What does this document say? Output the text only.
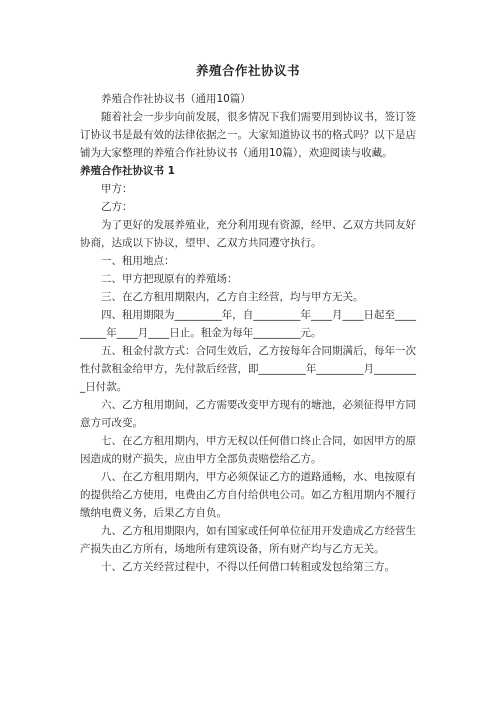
养殖合作社协议书

养殖合作社协议书（通用10篇）

随着社会一步步向前发展，很多情况下我们需要用到协议书，签订签订协议书是最有效的法律依据之一。大家知道协议书的格式吗？以下是店铺为大家整理的养殖合作社协议书（通用10篇），欢迎阅读与收藏。

养殖合作社协议书 1

甲方：

乙方：

为了更好的发展养殖业，充分利用现有资源，经甲、乙双方共同友好协商，达成以下协议，望甲、乙双方共同遵守执行。

一、租用地点：

二、甲方把现原有的养殖场：

三、在乙方租用期限内，乙方自主经营，均与甲方无关。

四、租用期限为_________年，自_________年____月____日起至_________年____月____日止。租金为每年_________元。

五、租金付款方式：合同生效后，乙方按每年合同期满后，每年一次性付款租金给甲方，先付款后经营，即_________年_________月_________日付款。

六、乙方租用期间，乙方需要改变甲方现有的塘池，必须征得甲方同意方可改变。

七、在乙方租用期内，甲方无权以任何借口终止合同，如因甲方的原因造成的财产损失，应由甲方全部负责赔偿给乙方。

八、在乙方租用期内，甲方必须保证乙方的道路通畅，水、电按原有的提供给乙方使用，电费由乙方自付给供电公司。如乙方租用期内不履行缴纳电费义务，后果乙方自负。

九、乙方租用期限内，如有国家或任何单位征用开发造成乙方经营生产损失由乙方所有，场地所有建筑设备，所有财产均与乙方无关。

十、乙方关经营过程中，不得以任何借口转租或发包给第三方。
